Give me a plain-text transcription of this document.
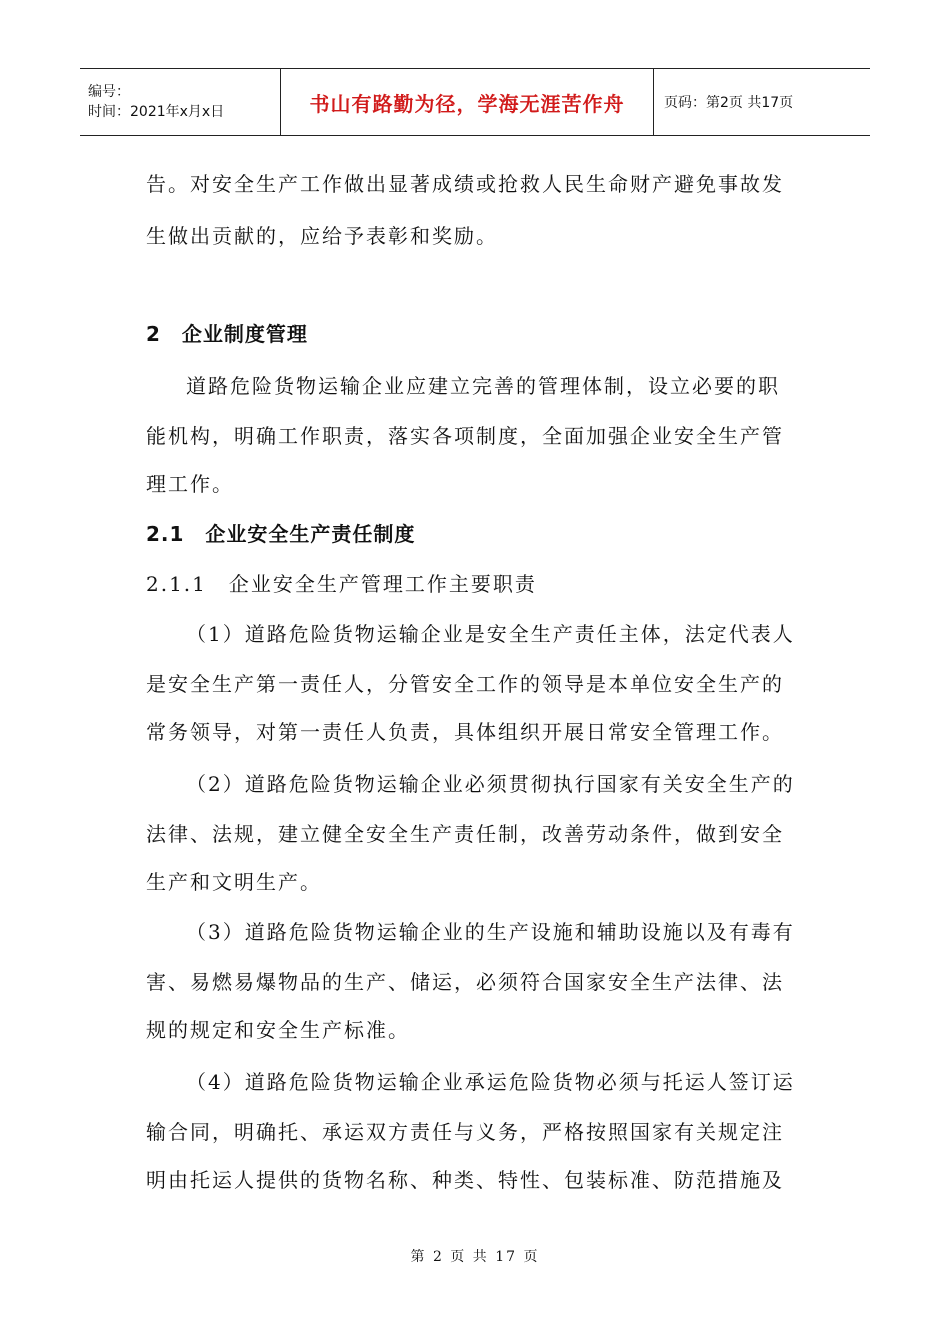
编号：
时间：2021年x月x日	书山有路勤为径，学海无涯苦作舟	页码：第2页 共17页

告。对安全生产工作做出显著成绩或抢救人民生命财产避免事故发

生做出贡献的，应给予表彰和奖励。

2　企业制度管理

道路危险货物运输企业应建立完善的管理体制，设立必要的职

能机构，明确工作职责，落实各项制度，全面加强企业安全生产管

理工作。

2.1　企业安全生产责任制度

2.1.1　企业安全生产管理工作主要职责

（1）道路危险货物运输企业是安全生产责任主体，法定代表人

是安全生产第一责任人，分管安全工作的领导是本单位安全生产的

常务领导，对第一责任人负责，具体组织开展日常安全管理工作。

（2）道路危险货物运输企业必须贯彻执行国家有关安全生产的

法律、法规，建立健全安全生产责任制，改善劳动条件，做到安全

生产和文明生产。

（3）道路危险货物运输企业的生产设施和辅助设施以及有毒有

害、易燃易爆物品的生产、储运，必须符合国家安全生产法律、法

规的规定和安全生产标准。

（4）道路危险货物运输企业承运危险货物必须与托运人签订运

输合同，明确托、承运双方责任与义务，严格按照国家有关规定注

明由托运人提供的货物名称、种类、特性、包装标准、防范措施及

第 2 页 共 17 页
